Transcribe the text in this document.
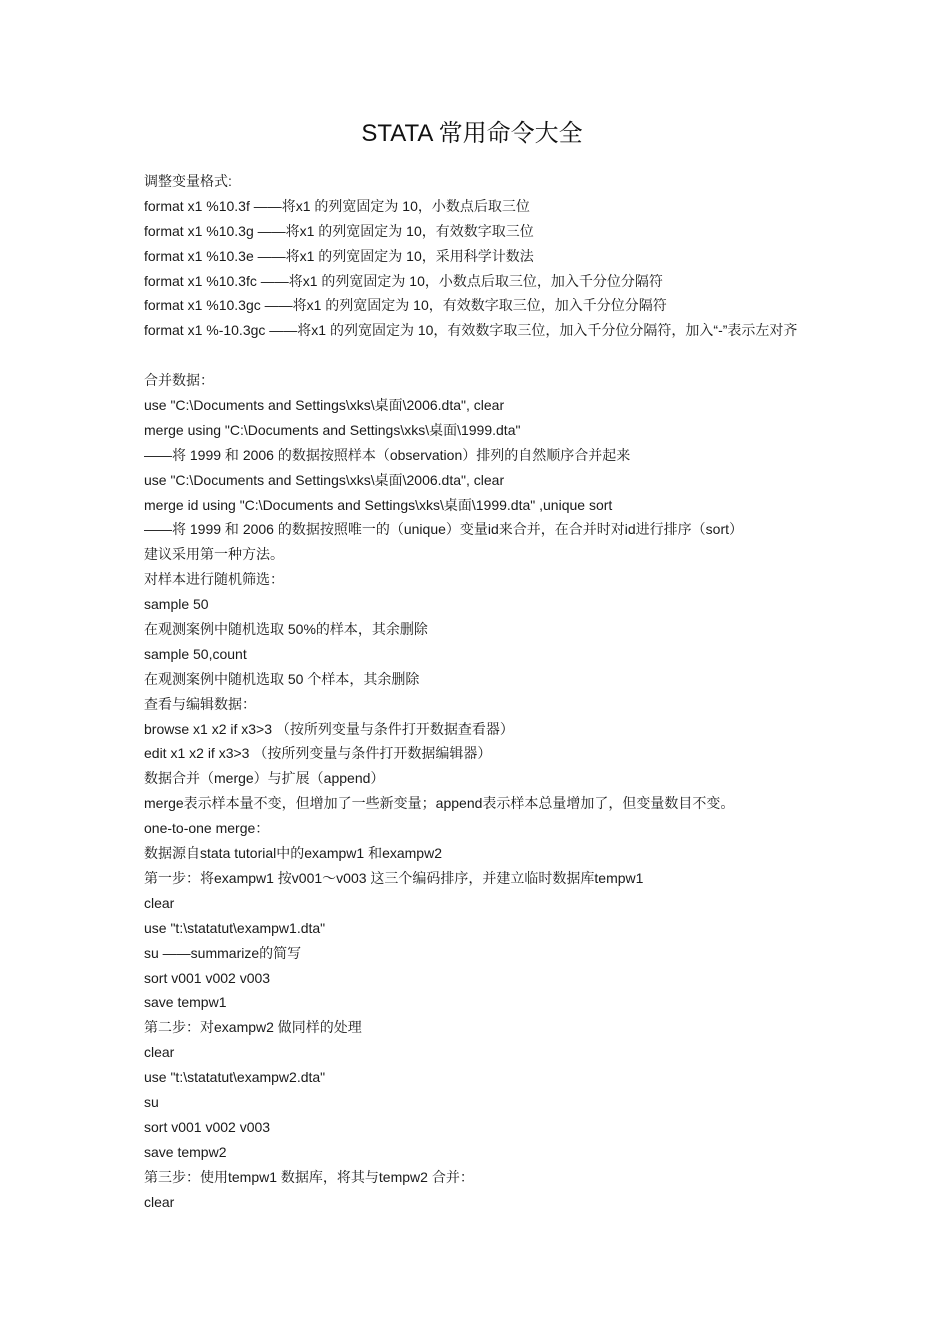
STATA 常用命令大全
调整变量格式:
format x1 %10.3f ——将x1 的列宽固定为 10，小数点后取三位
format x1 %10.3g ——将x1 的列宽固定为 10，有效数字取三位
format x1 %10.3e ——将x1 的列宽固定为 10，采用科学计数法
format x1 %10.3fc ——将x1 的列宽固定为 10，小数点后取三位，加入千分位分隔符
format x1 %10.3gc ——将x1 的列宽固定为 10，有效数字取三位，加入千分位分隔符
format x1 %-10.3gc ——将x1 的列宽固定为 10，有效数字取三位，加入千分位分隔符，加入“-”表示左对齐
合并数据：
use "C:\Documents and Settings\xks\桌面\2006.dta", clear
merge using "C:\Documents and Settings\xks\桌面\1999.dta"
——将 1999 和 2006 的数据按照样本（observation）排列的自然顺序合并起来
use "C:\Documents and Settings\xks\桌面\2006.dta", clear
merge id using "C:\Documents and Settings\xks\桌面\1999.dta" ,unique sort
——将 1999 和 2006 的数据按照唯一的（unique）变量id来合并，在合并时对id进行排序（sort）
建议采用第一种方法。
对样本进行随机筛选：
sample 50
在观测案例中随机选取 50%的样本，其余删除
sample 50,count
在观测案例中随机选取 50 个样本，其余删除
查看与编辑数据：
browse x1 x2 if x3>3 （按所列变量与条件打开数据查看器）
edit x1 x2 if x3>3 （按所列变量与条件打开数据编辑器）
数据合并（merge）与扩展（append）
merge表示样本量不变，但增加了一些新变量；append表示样本总量增加了，但变量数目不变。
one-to-one merge：
数据源自stata tutorial中的exampw1 和exampw2
第一步：将exampw1 按v001～v003 这三个编码排序，并建立临时数据库tempw1
clear
use "t:\statatut\exampw1.dta"
su ——summarize的简写
sort v001 v002 v003
save tempw1
第二步：对exampw2 做同样的处理
clear
use "t:\statatut\exampw2.dta"
su
sort v001 v002 v003
save tempw2
第三步：使用tempw1 数据库，将其与tempw2 合并：
clear
